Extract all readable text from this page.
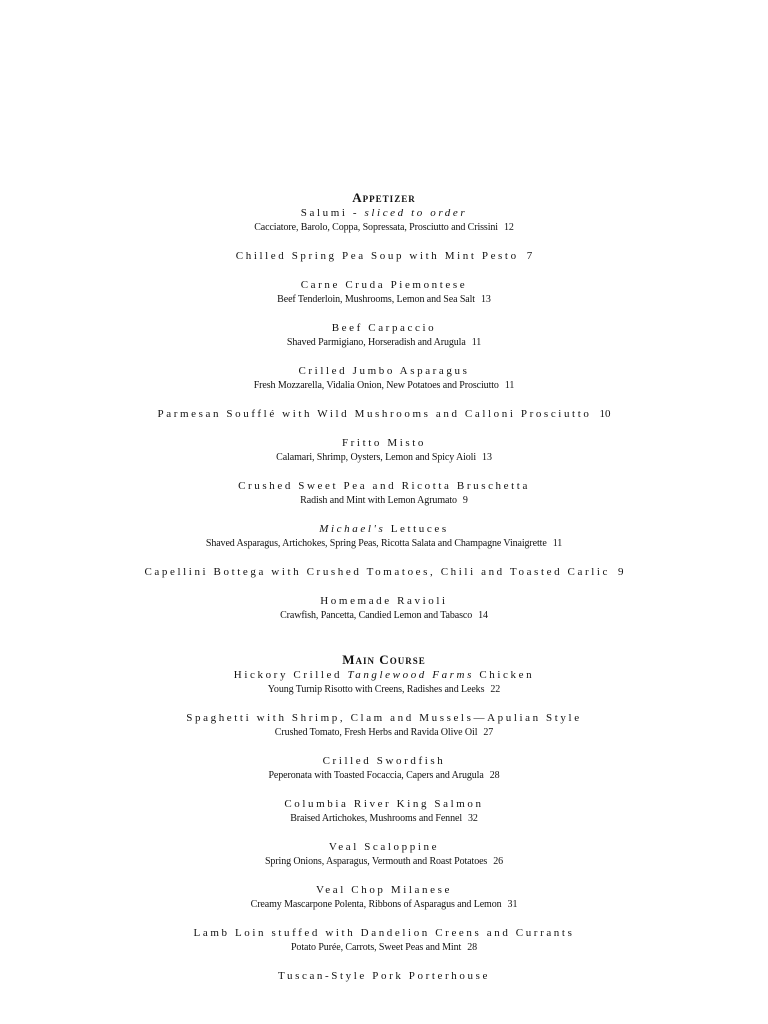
Appetizer
Salumi - sliced to order
Cacciatore, Barolo, Coppa, Sopressata, Prosciutto and Crissini 12
Chilled Spring Pea Soup with Mint Pesto 7
Carne Cruda Piemontese
Beef Tenderloin, Mushrooms, Lemon and Sea Salt 13
Beef Carpaccio
Shaved Parmigiano, Horseradish and Arugula 11
Crilled Jumbo Asparagus
Fresh Mozzarella, Vidalia Onion, New Potatoes and Prosciutto 11
Parmesan Soufflé with Wild Mushrooms and Calloni Prosciutto 10
Fritto Misto
Calamari, Shrimp, Oysters, Lemon and Spicy Aioli 13
Crushed Sweet Pea and Ricotta Bruschetta
Radish and Mint with Lemon Agrumato 9
Michael's Lettuces
Shaved Asparagus, Artichokes, Spring Peas, Ricotta Salata and Champagne Vinaigrette 11
Capellini Bottega with Crushed Tomatoes, Chili and Toasted Carlic 9
Homemade Ravioli
Crawfish, Pancetta, Candied Lemon and Tabasco 14
Main Course
Hickory Crilled Tanglewood Farms Chicken
Young Turnip Risotto with Creens, Radishes and Leeks 22
Spaghetti with Shrimp, Clam and Mussels—Apulian Style
Crushed Tomato, Fresh Herbs and Ravida Olive Oil 27
Crilled Swordfish
Peperonata with Toasted Focaccia, Capers and Arugula 28
Columbia River King Salmon
Braised Artichokes, Mushrooms and Fennel 32
Veal Scaloppine
Spring Onions, Asparagus, Vermouth and Roast Potatoes 26
Veal Chop Milanese
Creamy Mascarpone Polenta, Ribbons of Asparagus and Lemon 31
Lamb Loin stuffed with Dandelion Creens and Currants
Potato Purée, Carrots, Sweet Peas and Mint 28
Tuscan-Style Pork Porterhouse
